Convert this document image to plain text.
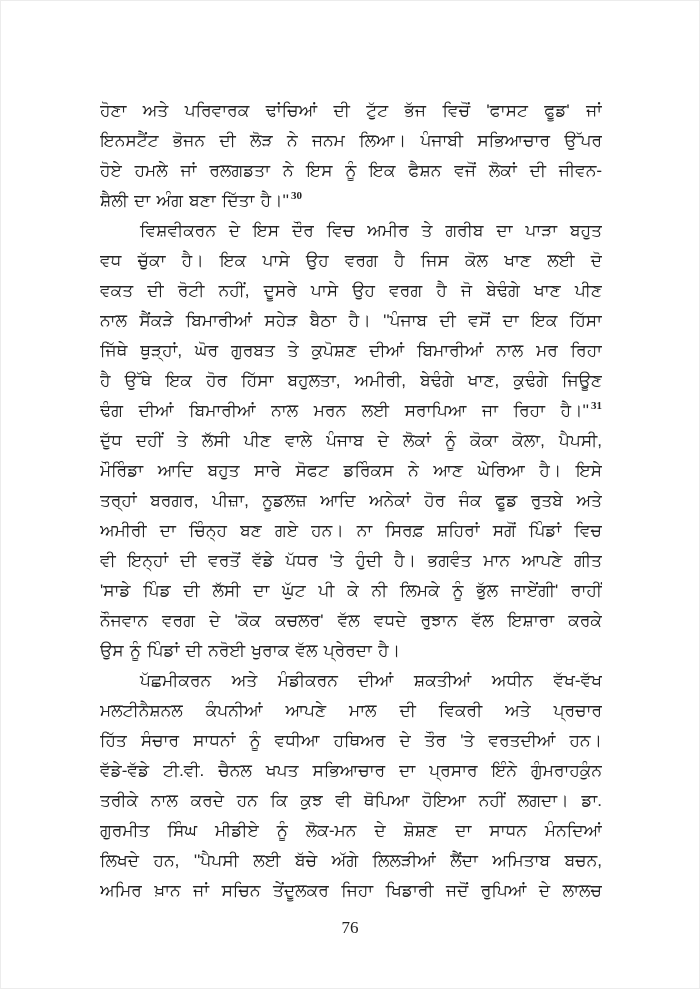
ਹੋਣਾ ਅਤੇ ਪਰਿਵਾਰਕ ਢਾਂਚਿਆਂ ਦੀ ਟੁੱਟ ਭੱਜ ਵਿਚੋਂ 'ਫਾਸਟ ਫੂਡ' ਜਾਂ
ਇਨਸਟੈਂਟ ਭੋਜਨ ਦੀ ਲੋੜ ਨੇ ਜਨਮ ਲਿਆ। ਪੰਜਾਬੀ ਸਭਿਆਚਾਰ ਉੱਪਰ
ਹੋਏ ਹਮਲੇ ਜਾਂ ਰਲਗਡਤਾ ਨੇ ਇਸ ਨੂੰ ਇਕ ਫੈਸ਼ਨ ਵਜੋਂ ਲੋਕਾਂ ਦੀ ਜੀਵਨ-
ਸ਼ੈਲੀ ਦਾ ਅੰਗ ਬਣਾ ਦਿੱਤਾ ਹੈ।'' $^{30}$
ਵਿਸ਼ਵੀਕਰਨ ਦੇ ਇਸ ਦੌਰ ਵਿਚ ਅਮੀਰ ਤੇ ਗਰੀਬ ਦਾ ਪਾੜਾ ਬਹੁਤ
ਵਧ ਚੁੱਕਾ ਹੈ। ਇਕ ਪਾਸੇ ਉਹ ਵਰਗ ਹੈ ਜਿਸ ਕੋਲ ਖਾਣ ਲਈ ਦੋ
ਵਕਤ ਦੀ ਰੋਟੀ ਨਹੀਂ, ਦੂਸਰੇ ਪਾਸੇ ਉਹ ਵਰਗ ਹੈ ਜੋ ਬੇਢੰਗੇ ਖਾਣ ਪੀਣ
ਨਾਲ ਸੈਂਕੜੇ ਬਿਮਾਰੀਆਂ ਸਹੇੜ ਬੈਠਾ ਹੈ। ''ਪੰਜਾਬ ਦੀ ਵਸੋਂ ਦਾ ਇਕ ਹਿੱਸਾ
ਜਿੱਥੇ ਥੁੜ੍ਹਾਂ, ਘੋਰ ਗੁਰਬਤ ਤੇ ਕੁਪੋਸ਼ਣ ਦੀਆਂ ਬਿਮਾਰੀਆਂ ਨਾਲ ਮਰ ਰਿਹਾ
ਹੈ ਉੱਥੇ ਇਕ ਹੋਰ ਹਿੱਸਾ ਬਹੁਲਤਾ, ਅਮੀਰੀ, ਬੇਢੰਗੇ ਖਾਣ, ਕੁਢੰਗੇ ਜਿਊਣ
ਢੰਗ ਦੀਆਂ ਬਿਮਾਰੀਆਂ ਨਾਲ ਮਰਨ ਲਈ ਸਰਾਪਿਆ ਜਾ ਰਿਹਾ ਹੈ।'' $^{31}$
ਦੁੱਧ ਦਹੀਂ ਤੇ ਲੱਸੀ ਪੀਣ ਵਾਲੇ ਪੰਜਾਬ ਦੇ ਲੋਕਾਂ ਨੂੰ ਕੋਕਾ ਕੋਲਾ, ਪੈਪਸੀ,
ਮੌਰਿੰਡਾ ਆਦਿ ਬਹੁਤ ਸਾਰੇ ਸੋਫਟ ਡਰਿੰਕਸ ਨੇ ਆਣ ਘੇਰਿਆ ਹੈ। ਇਸੇ
ਤਰ੍ਹਾਂ ਬਰਗਰ, ਪੀਜ਼ਾ, ਨੂਡਲਜ਼ ਆਦਿ ਅਨੇਕਾਂ ਹੋਰ ਜੰਕ ਫੂਡ ਰੁਤਬੇ ਅਤੇ
ਅਮੀਰੀ ਦਾ ਚਿੰਨ੍ਹ ਬਣ ਗਏ ਹਨ। ਨਾ ਸਿਰਫ਼ ਸ਼ਹਿਰਾਂ ਸਗੋਂ ਪਿੰਡਾਂ ਵਿਚ
ਵੀ ਇਨ੍ਹਾਂ ਦੀ ਵਰਤੋਂ ਵੱਡੇ ਪੱਧਰ 'ਤੇ ਹੁੰਦੀ ਹੈ। ਭਗਵੰਤ ਮਾਨ ਆਪਣੇ ਗੀਤ
'ਸਾਡੇ ਪਿੰਡ ਦੀ ਲੱਸੀ ਦਾ ਘੁੱਟ ਪੀ ਕੇ ਨੀ ਲਿਮਕੇ ਨੂੰ ਭੁੱਲ ਜਾਏਂਗੀ' ਰਾਹੀਂ
ਨੌਜਵਾਨ ਵਰਗ ਦੇ 'ਕੋਕ ਕਚਲਰ' ਵੱਲ ਵਧਦੇ ਰੁਝਾਨ ਵੱਲ ਇਸ਼ਾਰਾ ਕਰਕੇ
ਉਸ ਨੂੰ ਪਿੰਡਾਂ ਦੀ ਨਰੋਈ ਖੁਰਾਕ ਵੱਲ ਪ੍ਰੇਰਦਾ ਹੈ।
ਪੱਛਮੀਕਰਨ ਅਤੇ ਮੰਡੀਕਰਨ ਦੀਆਂ ਸ਼ਕਤੀਆਂ ਅਧੀਨ ਵੱਖ-ਵੱਖ
ਮਲਟੀਨੈਸ਼ਨਲ ਕੰਪਨੀਆਂ ਆਪਣੇ ਮਾਲ ਦੀ ਵਿਕਰੀ ਅਤੇ ਪ੍ਰਚਾਰ
ਹਿੱਤ ਸੰਚਾਰ ਸਾਧਨਾਂ ਨੂੰ ਵਧੀਆ ਹਥਿਅਰ ਦੇ ਤੌਰ 'ਤੇ ਵਰਤਦੀਆਂ ਹਨ।
ਵੱਡੇ-ਵੱਡੇ ਟੀ.ਵੀ. ਚੈਨਲ ਖਪਤ ਸਭਿਆਚਾਰ ਦਾ ਪ੍ਰਸਾਰ ਇੰਨੇ ਗੁੰਮਰਾਹਕੁੰਨ
ਤਰੀਕੇ ਨਾਲ ਕਰਦੇ ਹਨ ਕਿ ਕੁਝ ਵੀ ਥੋਪਿਆ ਹੋਇਆ ਨਹੀਂ ਲਗਦਾ। ਡਾ.
ਗੁਰਮੀਤ ਸਿੰਘ ਮੀਡੀਏ ਨੂੰ ਲੋਕ-ਮਨ ਦੇ ਸ਼ੋਸ਼ਣ ਦਾ ਸਾਧਨ ਮੰਨਦਿਆਂ
ਲਿਖਦੇ ਹਨ, ''ਪੈਪਸੀ ਲਈ ਬੱਚੇ ਅੱਗੇ ਲਿਲੜੀਆਂ ਲੈਂਦਾ ਅਮਿਤਾਬ ਬਚਨ,
ਅਮਿਰ ਖ਼ਾਨ ਜਾਂ ਸਚਿਨ ਤੇਂਦੂਲਕਰ ਜਿਹਾ ਖਿਡਾਰੀ ਜਦੋਂ ਰੁਪਿਆਂ ਦੇ ਲਾਲਚ
76
